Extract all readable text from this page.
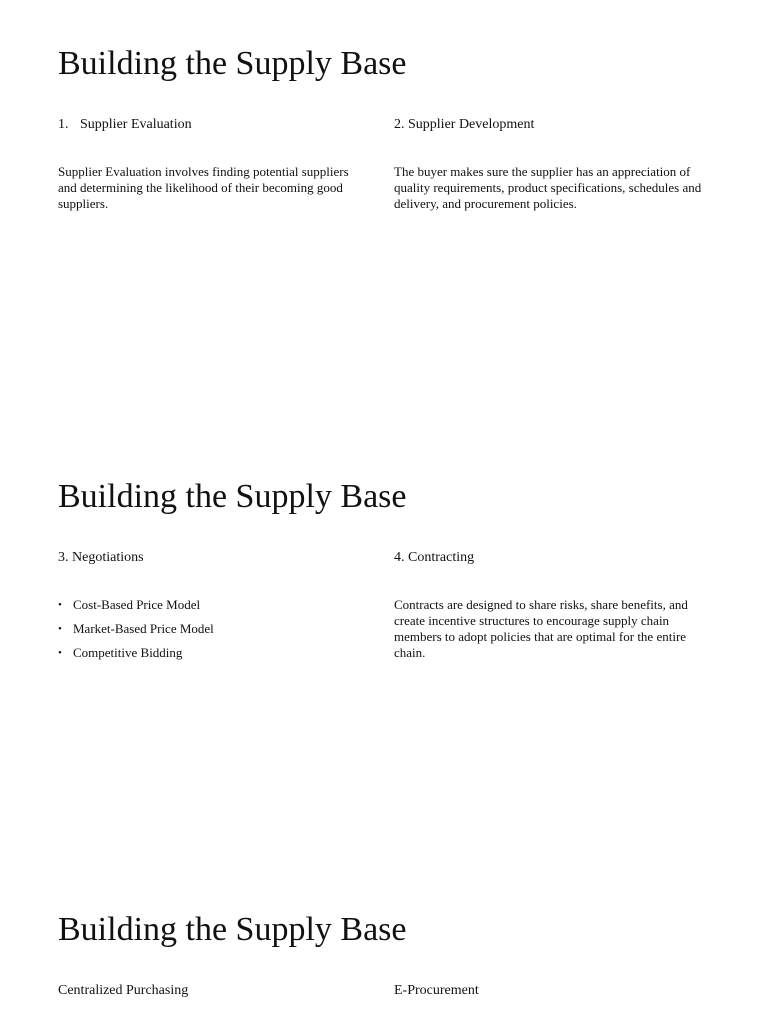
Building the Supply Base
1. Supplier Evaluation	2. Supplier Development

Supplier Evaluation involves finding potential suppliers and determining the likelihood of their becoming good suppliers.

The buyer makes sure the supplier has an appreciation of quality requirements, product specifications, schedules and delivery, and procurement policies.

Building the Supply Base
3. Negotiations	4. Contracting
• Cost-Based Price Model
• Market-Based Price Model
• Competitive Bidding

Contracts are designed to share risks, share benefits, and create incentive structures to encourage supply chain members to adopt policies that are optimal for the entire chain.

Building the Supply Base
Centralized Purchasing	E-Procurement
